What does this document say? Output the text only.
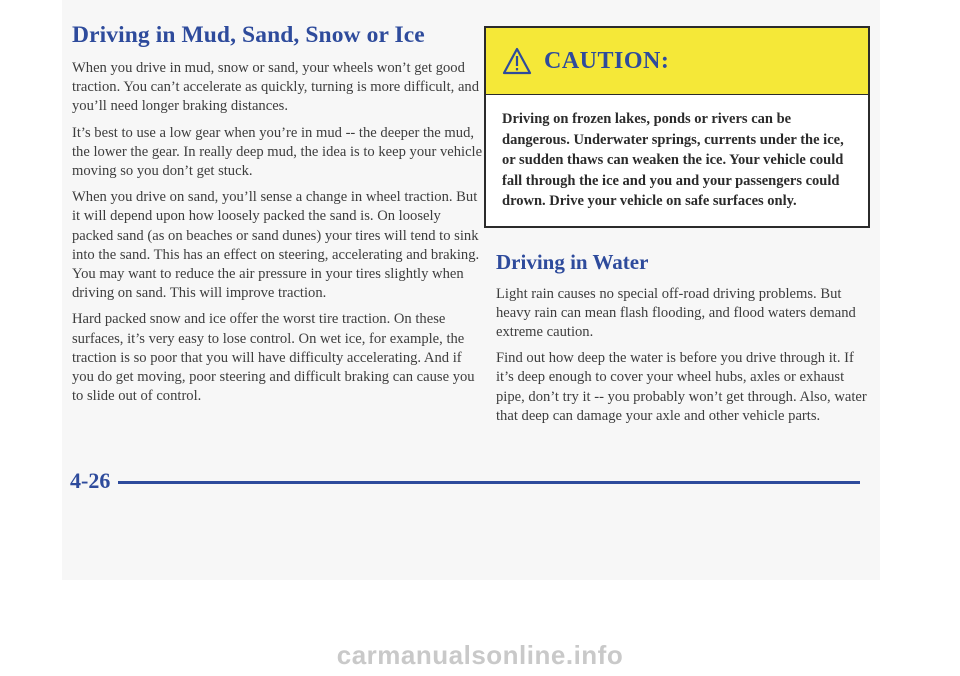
Driving in Mud, Sand, Snow or Ice

When you drive in mud, snow or sand, your wheels won’t get good traction. You can’t accelerate as quickly, turning is more difficult, and you’ll need longer braking distances.

It’s best to use a low gear when you’re in mud -- the deeper the mud, the lower the gear. In really deep mud, the idea is to keep your vehicle moving so you don’t get stuck.

When you drive on sand, you’ll sense a change in wheel traction. But it will depend upon how loosely packed the sand is. On loosely packed sand (as on beaches or sand dunes) your tires will tend to sink into the sand. This has an effect on steering, accelerating and braking. You may want to reduce the air pressure in your tires slightly when driving on sand. This will improve traction.

Hard packed snow and ice offer the worst tire traction. On these surfaces, it’s very easy to lose control. On wet ice, for example, the traction is so poor that you will have difficulty accelerating. And if you do get moving, poor steering and difficult braking can cause you to slide out of control.

CAUTION:
Driving on frozen lakes, ponds or rivers can be dangerous. Underwater springs, currents under the ice, or sudden thaws can weaken the ice. Your vehicle could fall through the ice and you and your passengers could drown. Drive your vehicle on safe surfaces only.
Driving in Water

Light rain causes no special off-road driving problems. But heavy rain can mean flash flooding, and flood waters demand extreme caution.

Find out how deep the water is before you drive through it. If it’s deep enough to cover your wheel hubs, axles or exhaust pipe, don’t try it -- you probably won’t get through. Also, water that deep can damage your axle and other vehicle parts.

4-26
carmanualsonline.info
